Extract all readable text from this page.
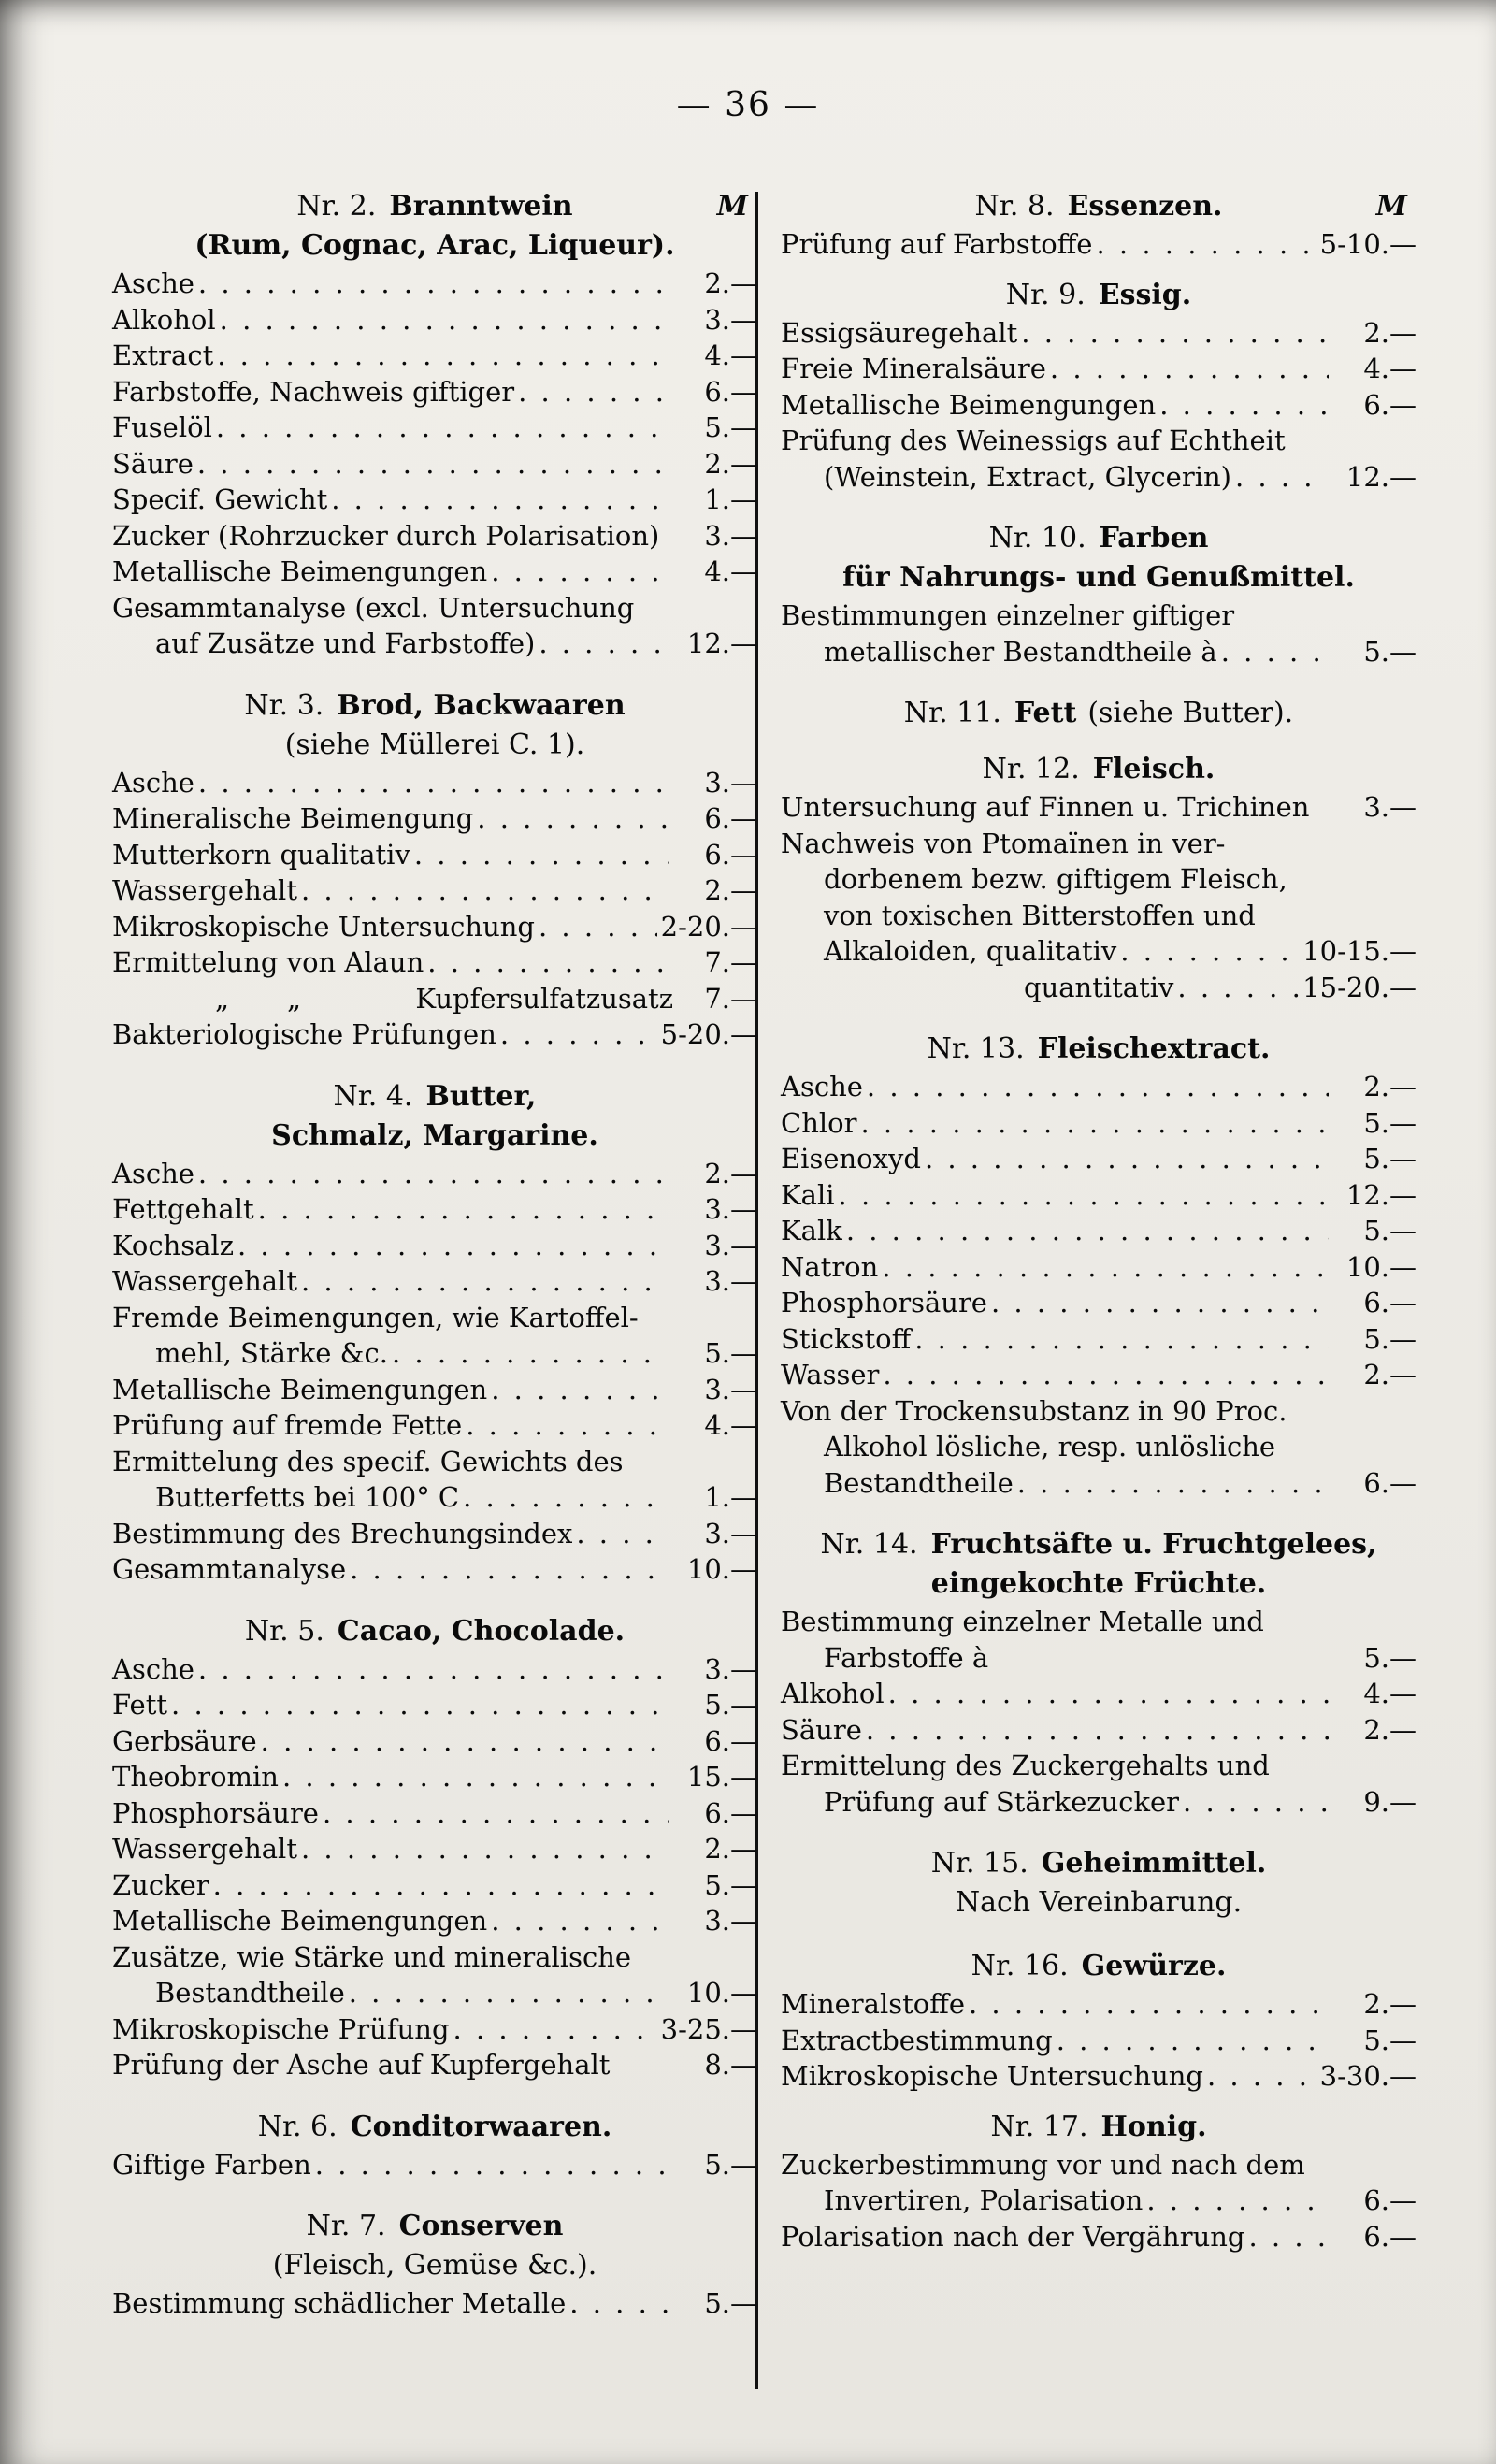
— 36 —
Nr. 2. Branntwein	M
(Rum, Cognac, Arac, Liqueur).
Asche . . .	2.—
Alkohol . . .	3.—
Extract . . .	4.—
Farbstoffe, Nachweis giftiger . . .	6.—
Fuselöl . . .	5.—
Säure . . .	2.—
Specif. Gewicht . . .	1.—
Zucker (Rohrzucker durch Polarisation)	3.—
Metallische Beimengungen . . .	4.—
Gesammtanalyse (excl. Untersuchung
auf Zusätze und Farbstoffe) . . .	12.—
Nr. 3. Brod, Backwaaren
(siehe Müllerei C. 1).
Asche . . .	3.—
Mineralische Beimengung . . .	6.—
Mutterkorn qualitativ . . .	6.—
Wassergehalt . . .	2.—
Mikroskopische Untersuchung . . .	2-20.—
Ermittelung von Alaun . . .	7.—
„	„	Kupfersulfatzusatz	7.—
Bakteriologische Prüfungen . . .	5-20.—
Nr. 4. Butter,
Schmalz, Margarine.
Asche . . .	2.—
Fettgehalt . . .	3.—
Kochsalz . . .	3.—
Wassergehalt . . .	3.—
Fremde Beimengungen, wie Kartoffel-
mehl, Stärke &c. . . .	5.—
Metallische Beimengungen . . .	3.—
Prüfung auf fremde Fette . . .	4.—
Ermittelung des specif. Gewichts des
Butterfetts bei 100° C . . .	1.—
Bestimmung des Brechungsindex . . .	3.—
Gesammtanalyse . . .	10.—
Nr. 5. Cacao, Chocolade.
Asche . . .	3.—
Fett . . .	5.—
Gerbsäure . . .	6.—
Theobromin . . .	15.—
Phosphorsäure . . .	6.—
Wassergehalt . . .	2.—
Zucker . . .	5.—
Metallische Beimengungen . . .	3.—
Zusätze, wie Stärke und mineralische
Bestandtheile . . .	10.—
Mikroskopische Prüfung . . .	3-25.—
Prüfung der Asche auf Kupfergehalt	8.—
Nr. 6. Conditorwaaren.
Giftige Farben . . .	5.—
Nr. 7. Conserven
(Fleisch, Gemüse &c.).
Bestimmung schädlicher Metalle . . .	5.—
Nr. 8. Essenzen.	M
Prüfung auf Farbstoffe . . .	5-10.—
Nr. 9. Essig.
Essigsäuregehalt . . .	2.—
Freie Mineralsäure . . .	4.—
Metallische Beimengungen . . .	6.—
Prüfung des Weinessigs auf Echtheit
(Weinstein, Extract, Glycerin) . . .	12.—
Nr. 10. Farben
für Nahrungs- und Genußmittel.
Bestimmungen einzelner giftiger
metallischer Bestandtheile à . . .	5.—
Nr. 11. Fett (siehe Butter).
Nr. 12. Fleisch.
Untersuchung auf Finnen u. Trichinen	3.—
Nachweis von Ptomaïnen in ver-
dorbenem bezw. giftigem Fleisch,
von toxischen Bitterstoffen und
Alkaloiden, qualitativ . . .	10-15.—
quantitativ . . .	15-20.—
Nr. 13. Fleischextract.
Asche . . .	2.—
Chlor . . .	5.—
Eisenoxyd . . .	5.—
Kali . . .	12.—
Kalk . . .	5.—
Natron . . .	10.—
Phosphorsäure . . .	6.—
Stickstoff . . .	5.—
Wasser . . .	2.—
Von der Trockensubstanz in 90 Proc.
Alkohol lösliche, resp. unlösliche
Bestandtheile . . .	6.—
Nr. 14. Fruchtsäfte u. Fruchtgelees,
eingekochte Früchte.
Bestimmung einzelner Metalle und
Farbstoffe à	5.—
Alkohol . . .	4.—
Säure . . .	2.—
Ermittelung des Zuckergehalts und
Prüfung auf Stärkezucker . . .	9.—
Nr. 15. Geheimmittel.
Nach Vereinbarung.
Nr. 16. Gewürze.
Mineralstoffe . . .	2.—
Extractbestimmung . . .	5.—
Mikroskopische Untersuchung . . .	3-30.—
Nr. 17. Honig.
Zuckerbestimmung vor und nach dem
Invertiren, Polarisation . . .	6.—
Polarisation nach der Vergährung . . .	6.—
